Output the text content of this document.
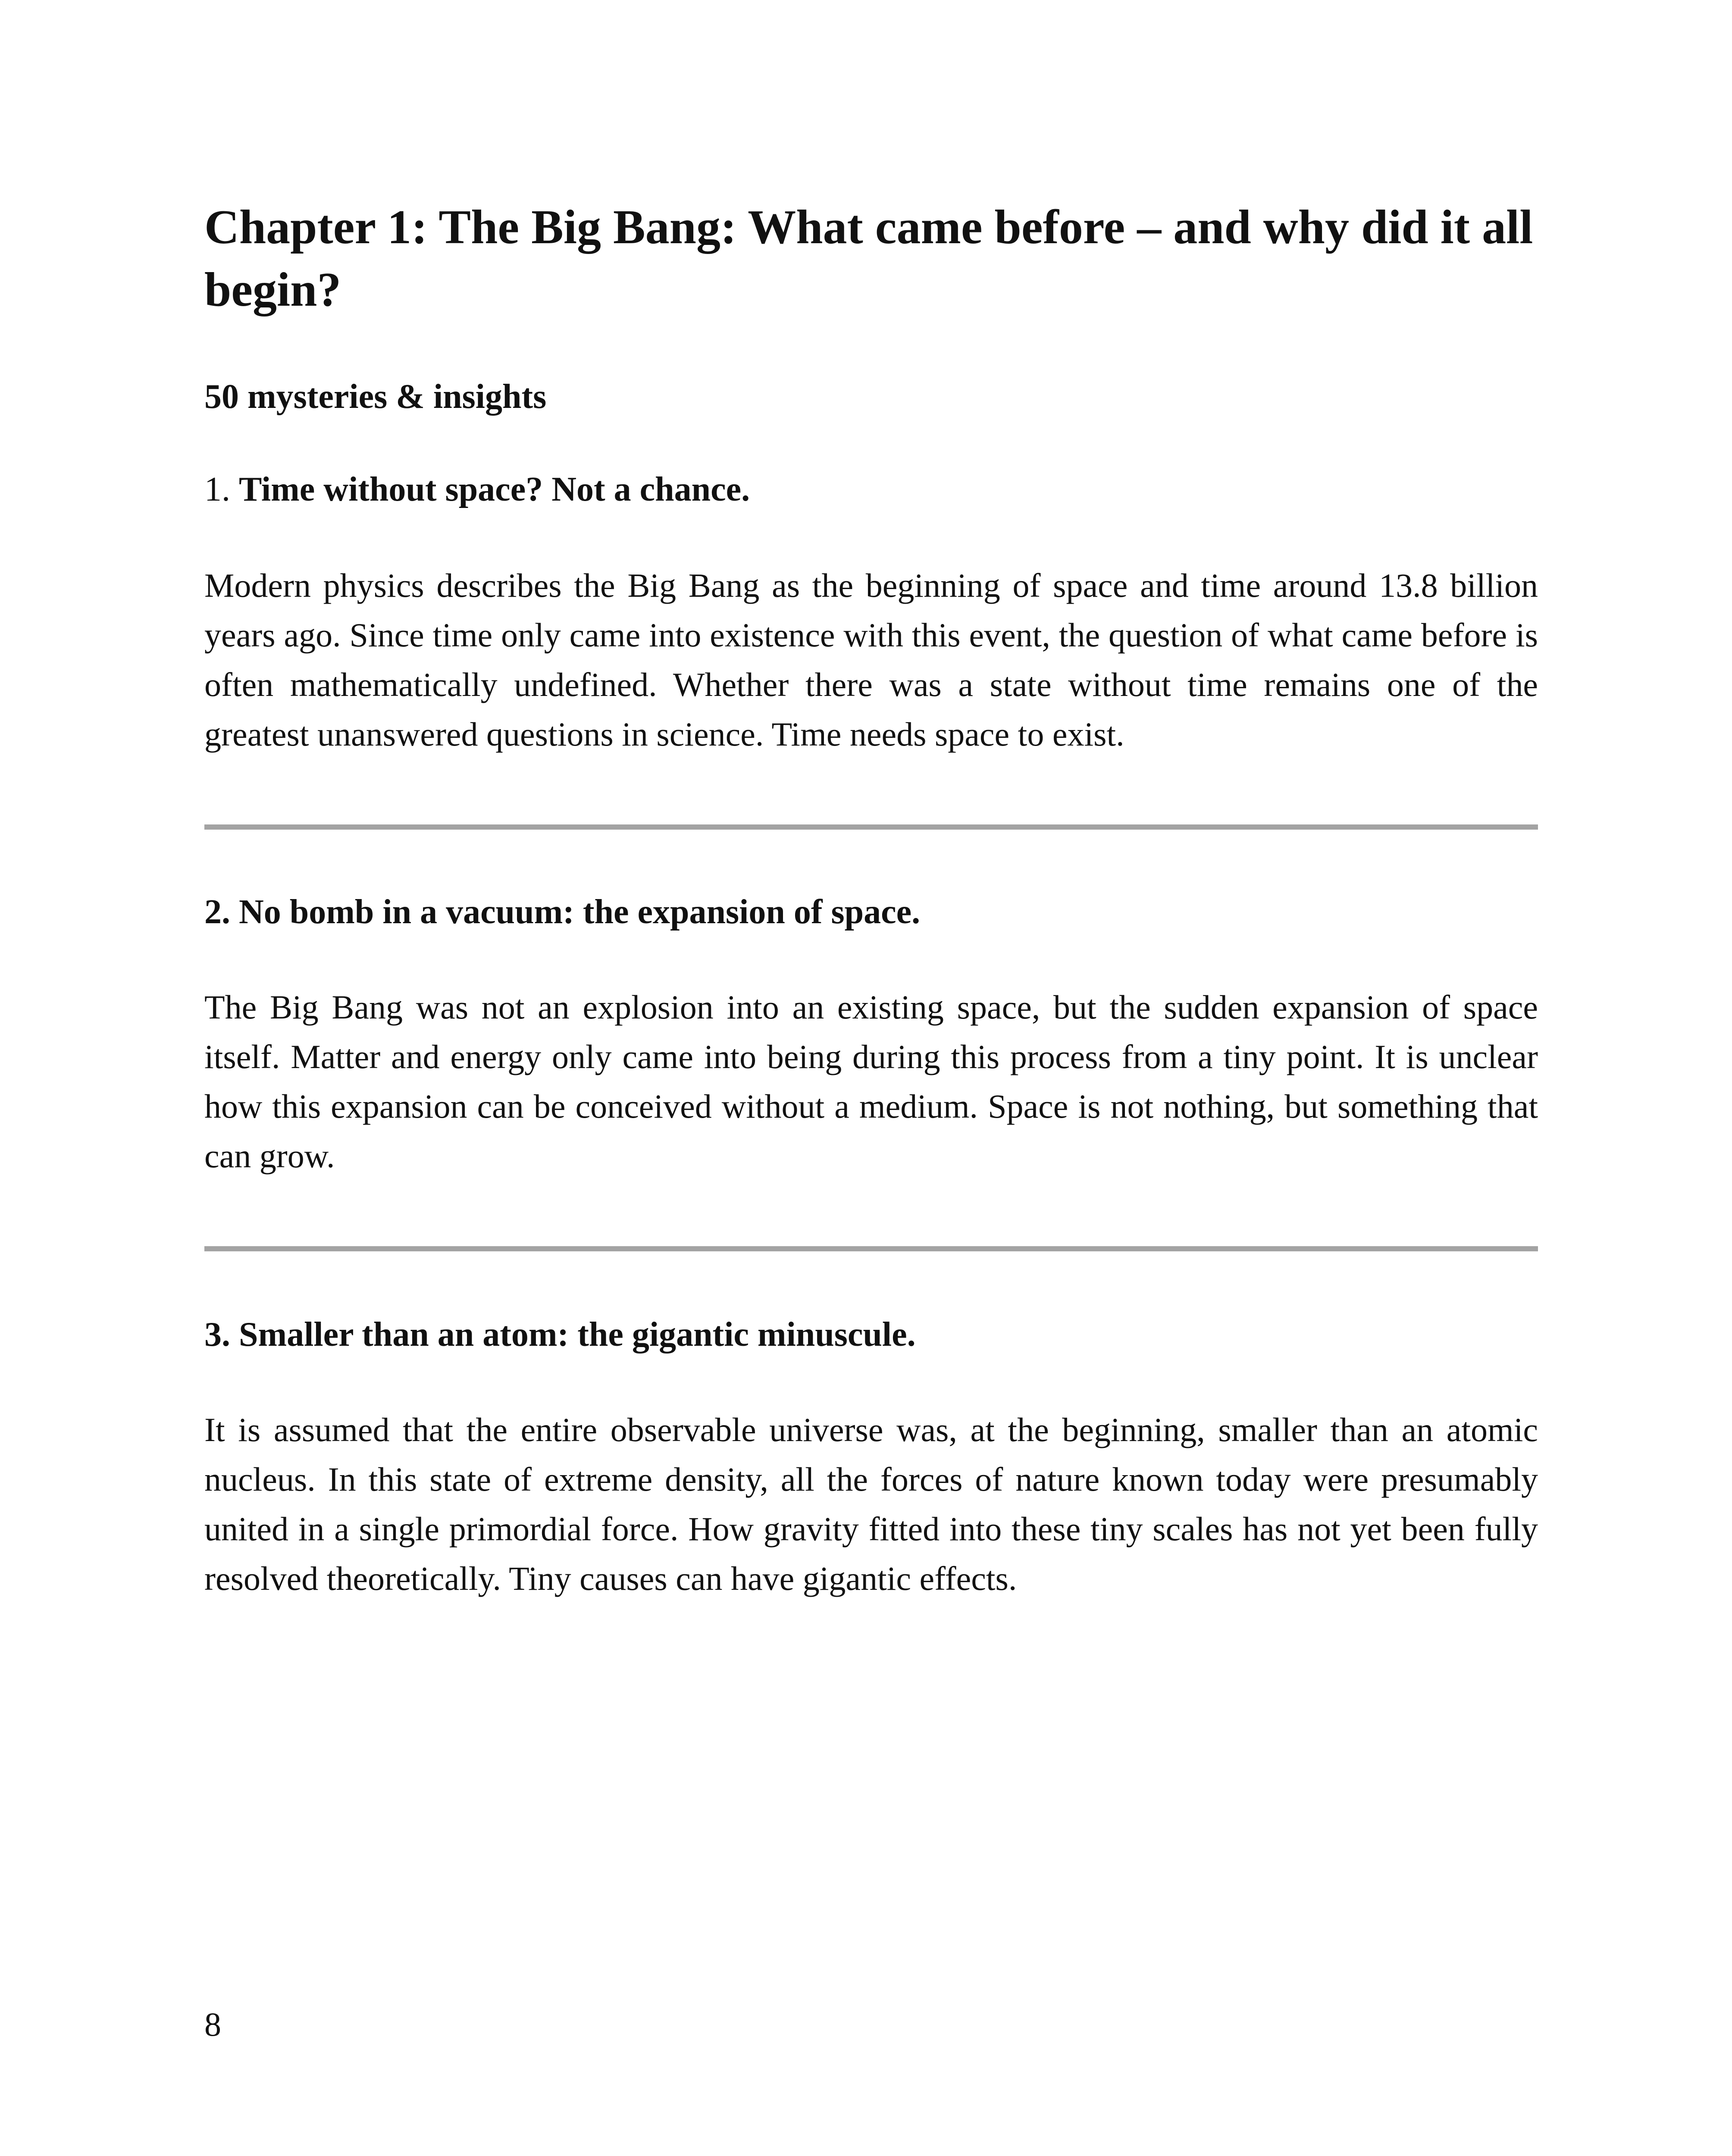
Chapter 1: The Big Bang: What came before – and why did it all begin?

50 mysteries & insights

1. Time without space? Not a chance.

Modern physics describes the Big Bang as the beginning of space and time around 13.8 billion years ago. Since time only came into existence with this event, the question of what came before is often mathematically undefined. Whether there was a state without time remains one of the greatest unanswered questions in science. Time needs space to exist.

2. No bomb in a vacuum: the expansion of space.

The Big Bang was not an explosion into an existing space, but the sudden expansion of space itself. Matter and energy only came into being during this process from a tiny point. It is unclear how this expansion can be conceived without a medium. Space is not nothing, but something that can grow.

3. Smaller than an atom: the gigantic minuscule.

It is assumed that the entire observable universe was, at the beginning, smaller than an atomic nucleus. In this state of extreme density, all the forces of nature known today were presumably united in a single primordial force. How gravity fitted into these tiny scales has not yet been fully resolved theoretically. Tiny causes can have gigantic effects.

8
